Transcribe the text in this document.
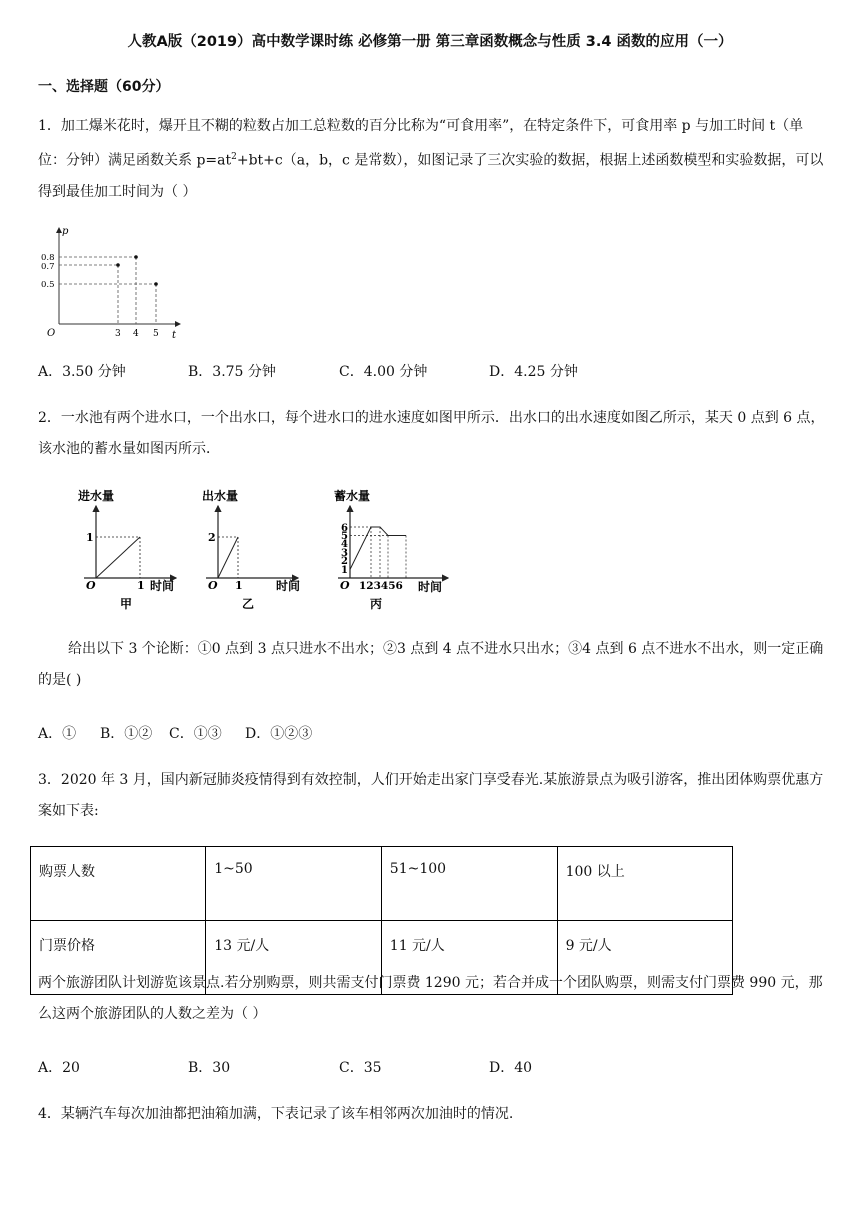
人教A版（2019）高中数学课时练 必修第一册 第三章函数概念与性质 3.4 函数的应用（一）
一、选择题（60分）
1．加工爆米花时，爆开且不糊的粒数占加工总粒数的百分比称为“可食用率”，在特定条件下，可食用率 p 与加工时间 t（单位：分钟）满足函数关系 $p=at^2+bt+c(a$，b，c 是常数），如图记录了三次实验的数据，根据上述函数模型和实验数据，可以得到最佳加工时间为（ ）
p
t
O
0.8
0.7
0.5
3 4 5
A．3.50 分钟	B．3.75 分钟	C．4.00 分钟	D．4.25 分钟
2．一水池有两个进水口，一个出水口，每个进水口的进水速度如图甲所示．出水口的出水速度如图乙所示，某天 0 点到 6 点，该水池的蓄水量如图丙所示．
进水量
O
1
1 时间
甲
出水量
O
2
1	时间
乙
蓄水量
O
6
5
4
3
2
1
123456 时间
丙
给出以下 3 个论断：①0 点到 3 点只进水不出水；②3 点到 4 点不进水只出水；③4 点到 6 点不进水不出水，则一定正确的是( )
A．① B．①② C．①③ D．①②③
3．2020 年 3 月，国内新冠肺炎疫情得到有效控制，人们开始走出家门享受春光.某旅游景点为吸引游客，推出团体购票优惠方案如下表:
购票人数	1~50	51~100	100 以上
门票价格	13 元/人	11 元/人	9 元/人
两个旅游团队计划游览该景点.若分别购票，则共需支付门票费 1290 元；若合并成一个团队购票，则需支付门票费 990 元，那么这两个旅游团队的人数之差为（ ）
A．20	B．30	C．35	D．40
4．某辆汽车每次加油都把油箱加满，下表记录了该车相邻两次加油时的情况.
